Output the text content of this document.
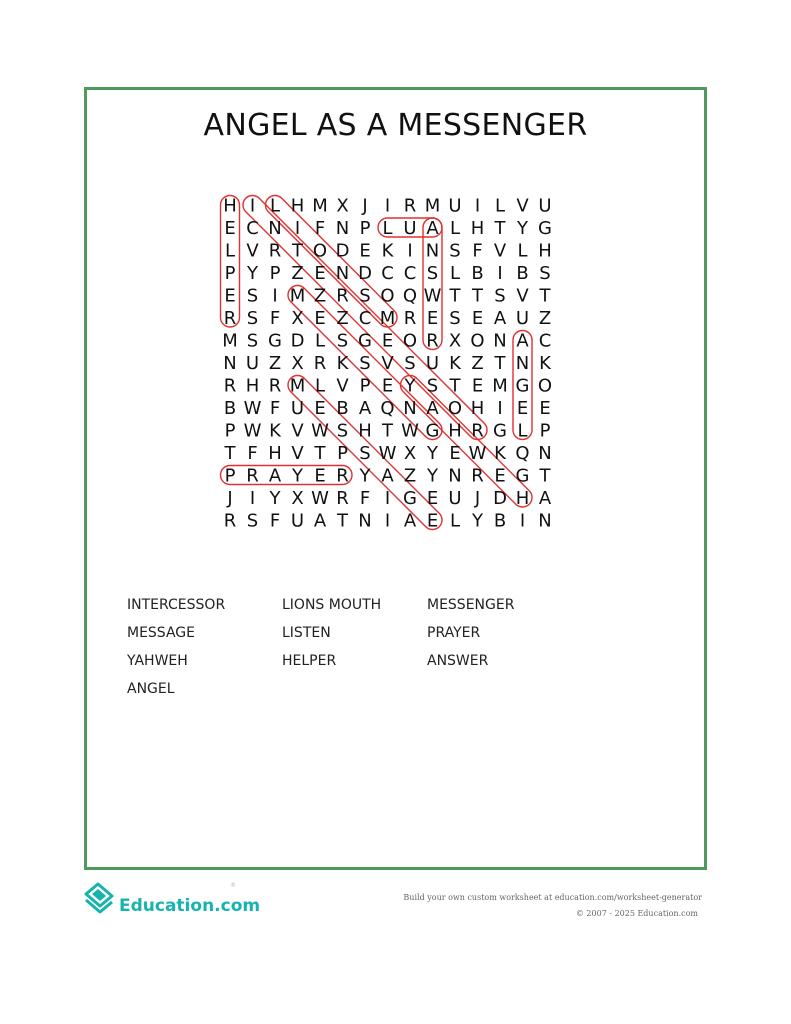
ANGEL AS A MESSENGER
H I L H M X J I R M U I L V U
E C N I F N P L U A L H T Y G
L V R T O D E K I N S F V L H
P Y P Z E N D C C S L B I B S
E S I M Z R S O Q W T T S V T
R S F X E Z C M R E S E A U Z
M S G D L S G E O R X O N A C
N U Z X R K S V S U K Z T N K
R H R M L V P E Y S T E M G O
B W F U E B A Q N A O H I E E
P W K V W S H T W G H R G L P
T F H V T P S W X Y E W K Q N
P R A Y E R Y A Z Y N R E G T
J I Y X W R F I G E U J D H A
R S F U A T N I A E L Y B I N
INTERCESSOR	LIONS MOUTH	MESSENGER
MESSAGE	LISTEN	PRAYER
YAHWEH	HELPER	ANSWER
ANGEL
Education.com
®
Build your own custom worksheet at education.com/worksheet-generator
© 2007 - 2025 Education.com
